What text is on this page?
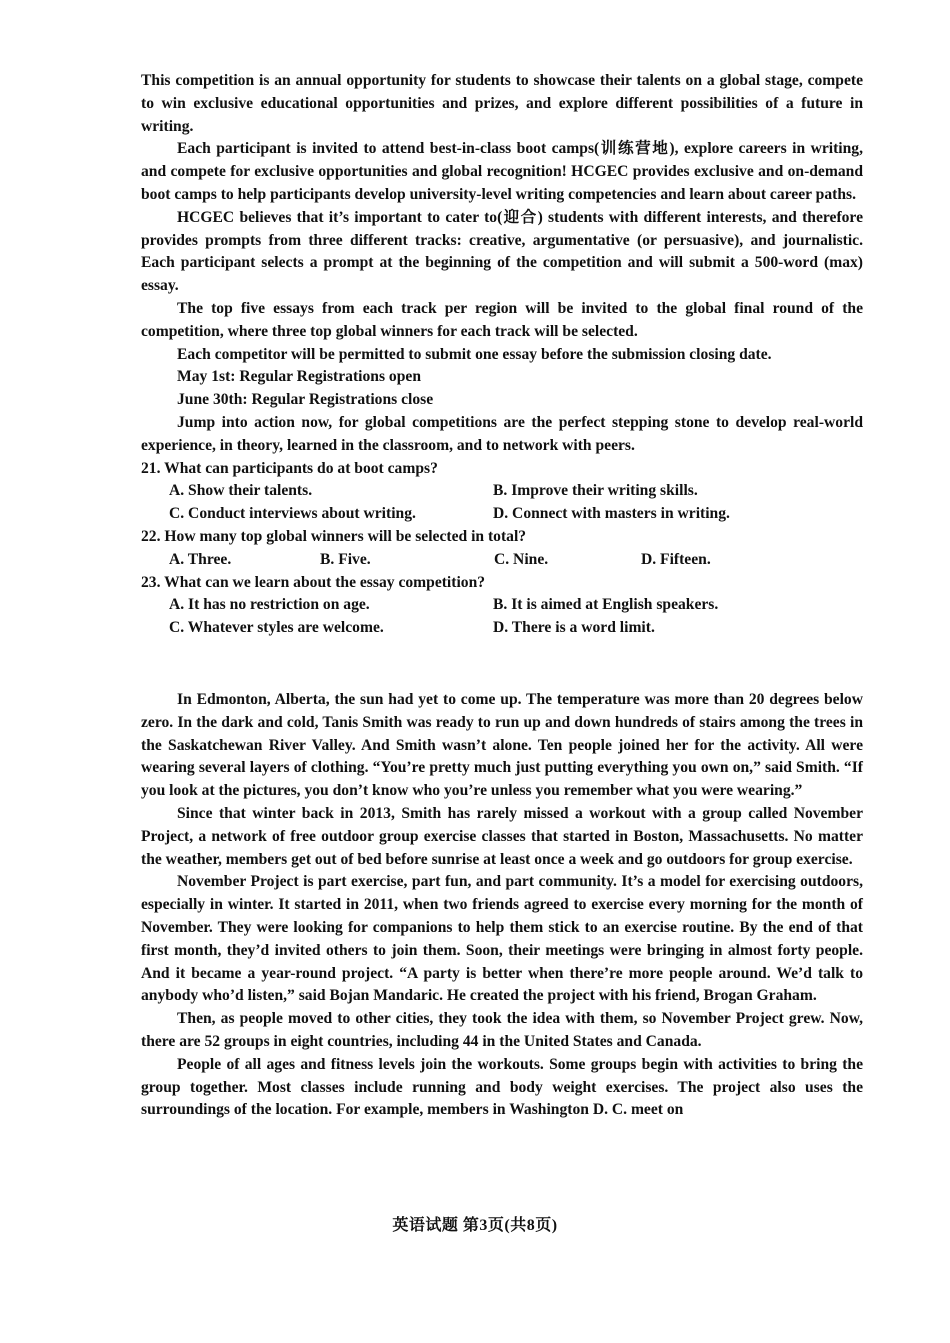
This competition is an annual opportunity for students to showcase their talents on a global stage, compete to win exclusive educational opportunities and prizes, and explore different possibilities of a future in writing.

Each participant is invited to attend best-in-class boot camps(训练营地), explore careers in writing, and compete for exclusive opportunities and global recognition! HCGEC provides exclusive and on-demand boot camps to help participants develop university-level writing competencies and learn about career paths.

HCGEC believes that it’s important to cater to(迎合) students with different interests, and therefore provides prompts from three different tracks: creative, argumentative (or persuasive), and journalistic. Each participant selects a prompt at the beginning of the competition and will submit a 500-word (max) essay.

The top five essays from each track per region will be invited to the global final round of the competition, where three top global winners for each track will be selected.

Each competitor will be permitted to submit one essay before the submission closing date.

May 1st: Regular Registrations open

June 30th: Regular Registrations close

Jump into action now, for global competitions are the perfect stepping stone to develop real-world experience, in theory, learned in the classroom, and to network with peers.

21. What can participants do at boot camps?

A. Show their talents.	B. Improve their writing skills.
C. Conduct interviews about writing.	D. Connect with masters in writing.

22. How many top global winners will be selected in total?

A. Three.	B. Five.	C. Nine.	D. Fifteen.

23. What can we learn about the essay competition?

A. It has no restriction on age.	B. It is aimed at English speakers.
C. Whatever styles are welcome.	D. There is a word limit.

In Edmonton, Alberta, the sun had yet to come up. The temperature was more than 20 degrees below zero. In the dark and cold, Tanis Smith was ready to run up and down hundreds of stairs among the trees in the Saskatchewan River Valley. And Smith wasn’t alone. Ten people joined her for the activity. All were wearing several layers of clothing. “You’re pretty much just putting everything you own on,” said Smith. “If you look at the pictures, you don’t know who you’re unless you remember what you were wearing.”

Since that winter back in 2013, Smith has rarely missed a workout with a group called November Project, a network of free outdoor group exercise classes that started in Boston, Massachusetts. No matter the weather, members get out of bed before sunrise at least once a week and go outdoors for group exercise.

November Project is part exercise, part fun, and part community. It’s a model for exercising outdoors, especially in winter. It started in 2011, when two friends agreed to exercise every morning for the month of November. They were looking for companions to help them stick to an exercise routine. By the end of that first month, they’d invited others to join them. Soon, their meetings were bringing in almost forty people. And it became a year-round project. “A party is better when there’re more people around. We’d talk to anybody who’d listen,” said Bojan Mandaric. He created the project with his friend, Brogan Graham.

Then, as people moved to other cities, they took the idea with them, so November Project grew. Now, there are 52 groups in eight countries, including 44 in the United States and Canada.

People of all ages and fitness levels join the workouts. Some groups begin with activities to bring the group together. Most classes include running and body weight exercises. The project also uses the surroundings of the location. For example, members in Washington D. C. meet on

英语试题 第3页(共8页)
